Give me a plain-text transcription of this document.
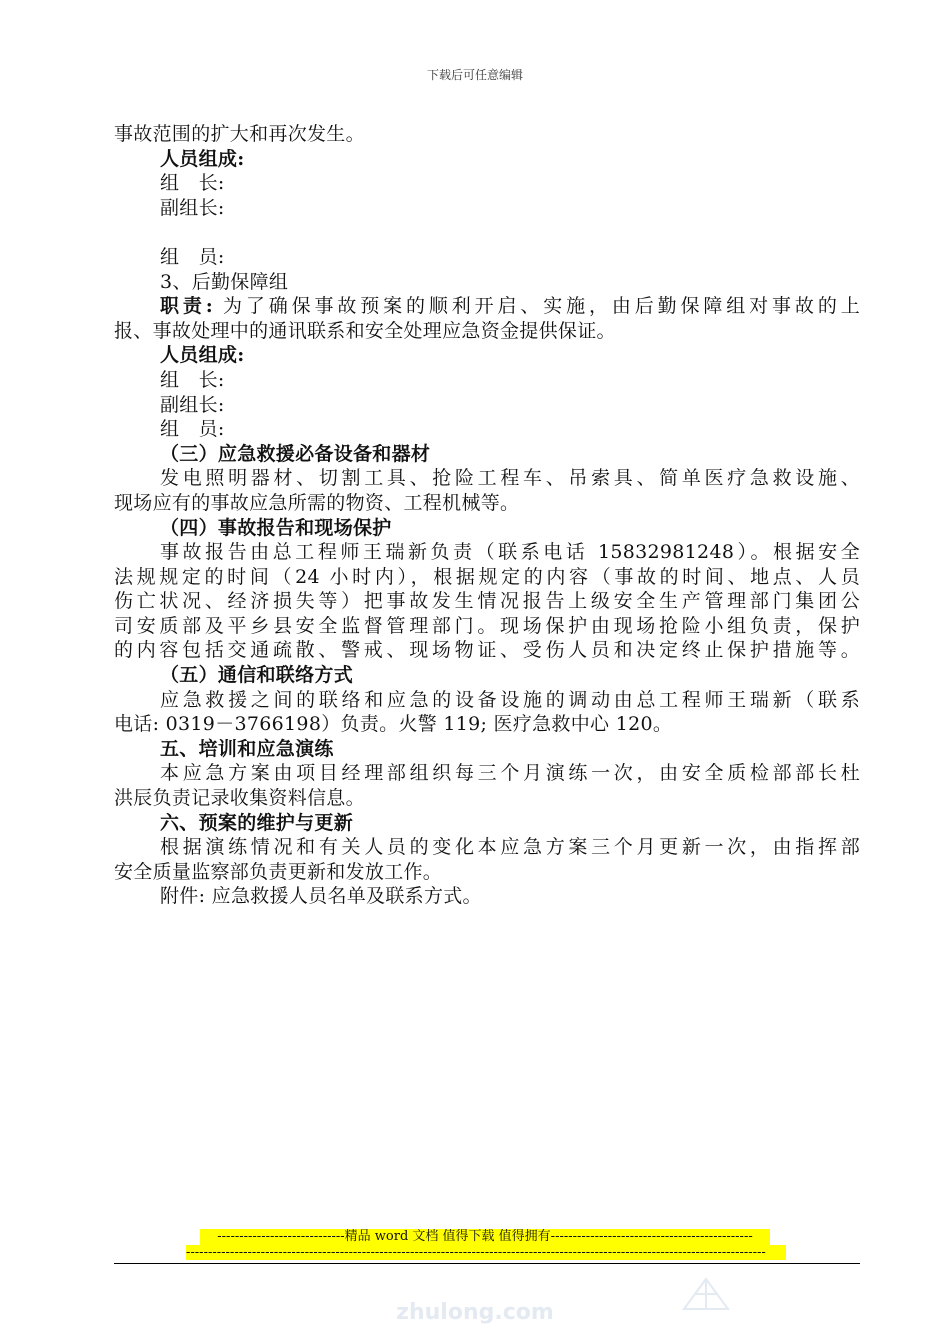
下载后可任意编辑
事故范围的扩大和再次发生。
人员组成:
组　长:
副组长:
组　员:
3、后勤保障组
职责: 为了确保事故预案的顺利开启、实施，由后勤保障组对事故的上
报、事故处理中的通讯联系和安全处理应急资金提供保证。
人员组成:
组　长:
副组长:
组　员:
（三）应急救援必备设备和器材
发电照明器材、切割工具、抢险工程车、吊索具、简单医疗急救设施、
现场应有的事故应急所需的物资、工程机械等。
（四）事故报告和现场保护
事故报告由总工程师王瑞新负责（联系电话 15832981248）。根据安全
法规规定的时间（24 小时内），根据规定的内容（事故的时间、地点、人员
伤亡状况、经济损失等）把事故发生情况报告上级安全生产管理部门集团公
司安质部及平乡县安全监督管理部门。现场保护由现场抢险小组负责，保护
的内容包括交通疏散、警戒、现场物证、受伤人员和决定终止保护措施等。
（五）通信和联络方式
应急救援之间的联络和应急的设备设施的调动由总工程师王瑞新（联系
电话: 0319－3766198）负责。火警 119; 医疗急救中心 120。
五、培训和应急演练
本应急方案由项目经理部组织每三个月演练一次，由安全质检部部长杜
洪辰负责记录收集资料信息。
六、预案的维护与更新
根据演练情况和有关人员的变化本应急方案三个月更新一次，由指挥部
安全质量监察部负责更新和发放工作。
附件: 应急救援人员名单及联系方式。
-----------------------------精品 word 文档 值得下载 值得拥有----------------------------------------------
------------------------------------------------------------------------------------------------------------------------------------
zhulong.com
